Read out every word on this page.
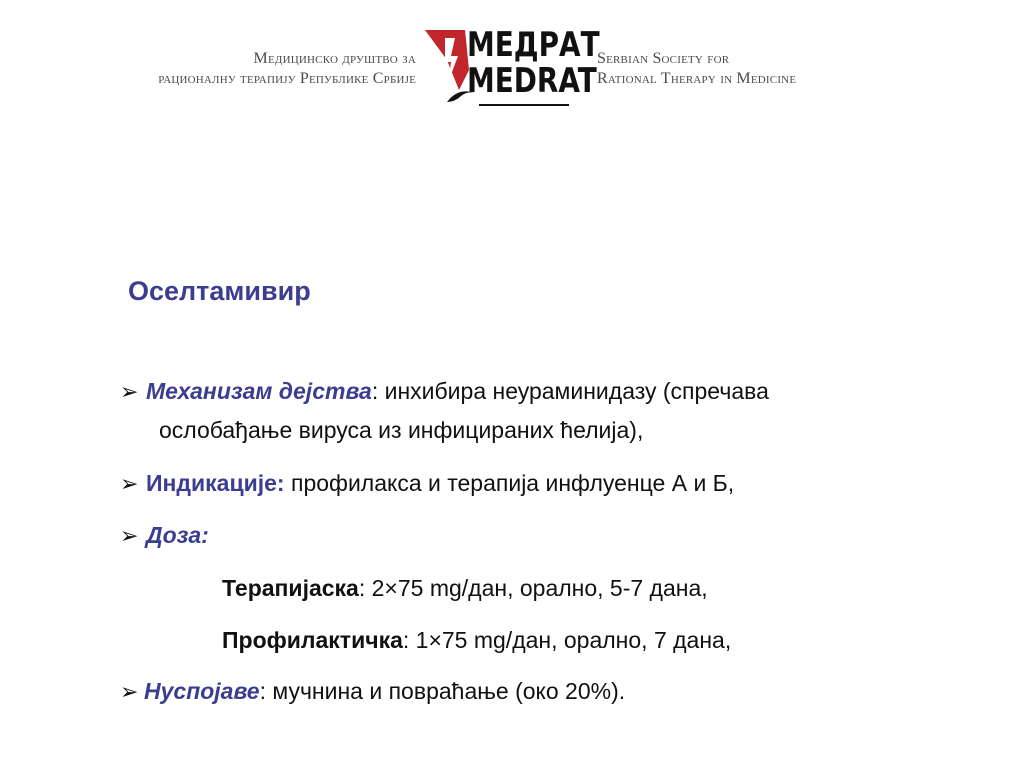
Медицинско друштво за
рационалну терапију Републике Србије
МЕДРАТ
MEDRAT
Serbian Society for
Rational Therapy in Medicine
Оселтамивир
➢ Механизам дејства: инхибира неураминидазу (спречава
ослобађање вируса из инфицираних ћелија),
➢ Индикације: профилакса и терапија инфлуенце А и Б,
➢ Доза:
Терапијаска: 2×75 mg/дан, орално, 5-7 дана,
Профилактичка: 1×75 mg/дан, орално, 7 дана,
➢ Нуспојаве: мучнина и повраћање (око 20%).
